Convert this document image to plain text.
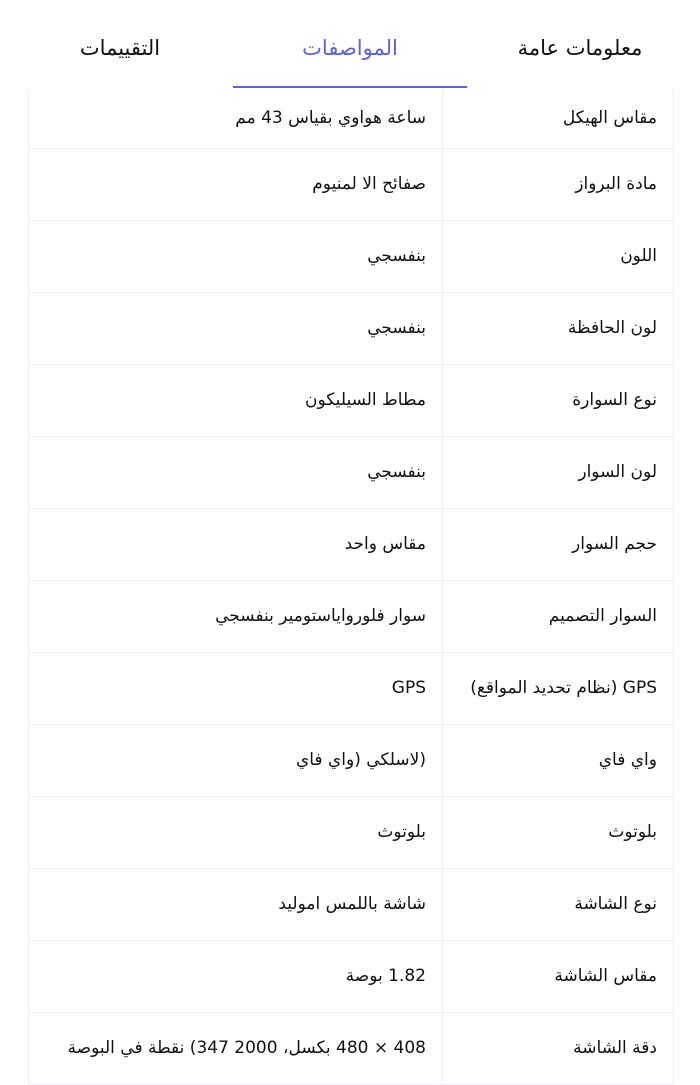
معلومات عامة
المواصفات
التقييمات
مقاس الهيكل
ساعة هواوي بقياس 43 مم
مادة البرواز
صفائح الا لمنيوم
اللون
بنفسجي
لون الحافظة
بنفسجي
نوع السوارة
مطاط السيليكون
لون السوار
بنفسجي
حجم السوار
مقاس واحد
السوار التصميم
سوار فلورواياستومير بنفسجي
GPS (نظام تحديد المواقع)
GPS
واي فاي
(لاسلكي (واي فاي
بلوتوث
بلوتوث
نوع الشاشة
شاشة باللمس امولید
مقاس الشاشة
1.82 بوصة
دقة الشاشة
408 × 480 بكسل، 2000 347) نقطة في البوصة
